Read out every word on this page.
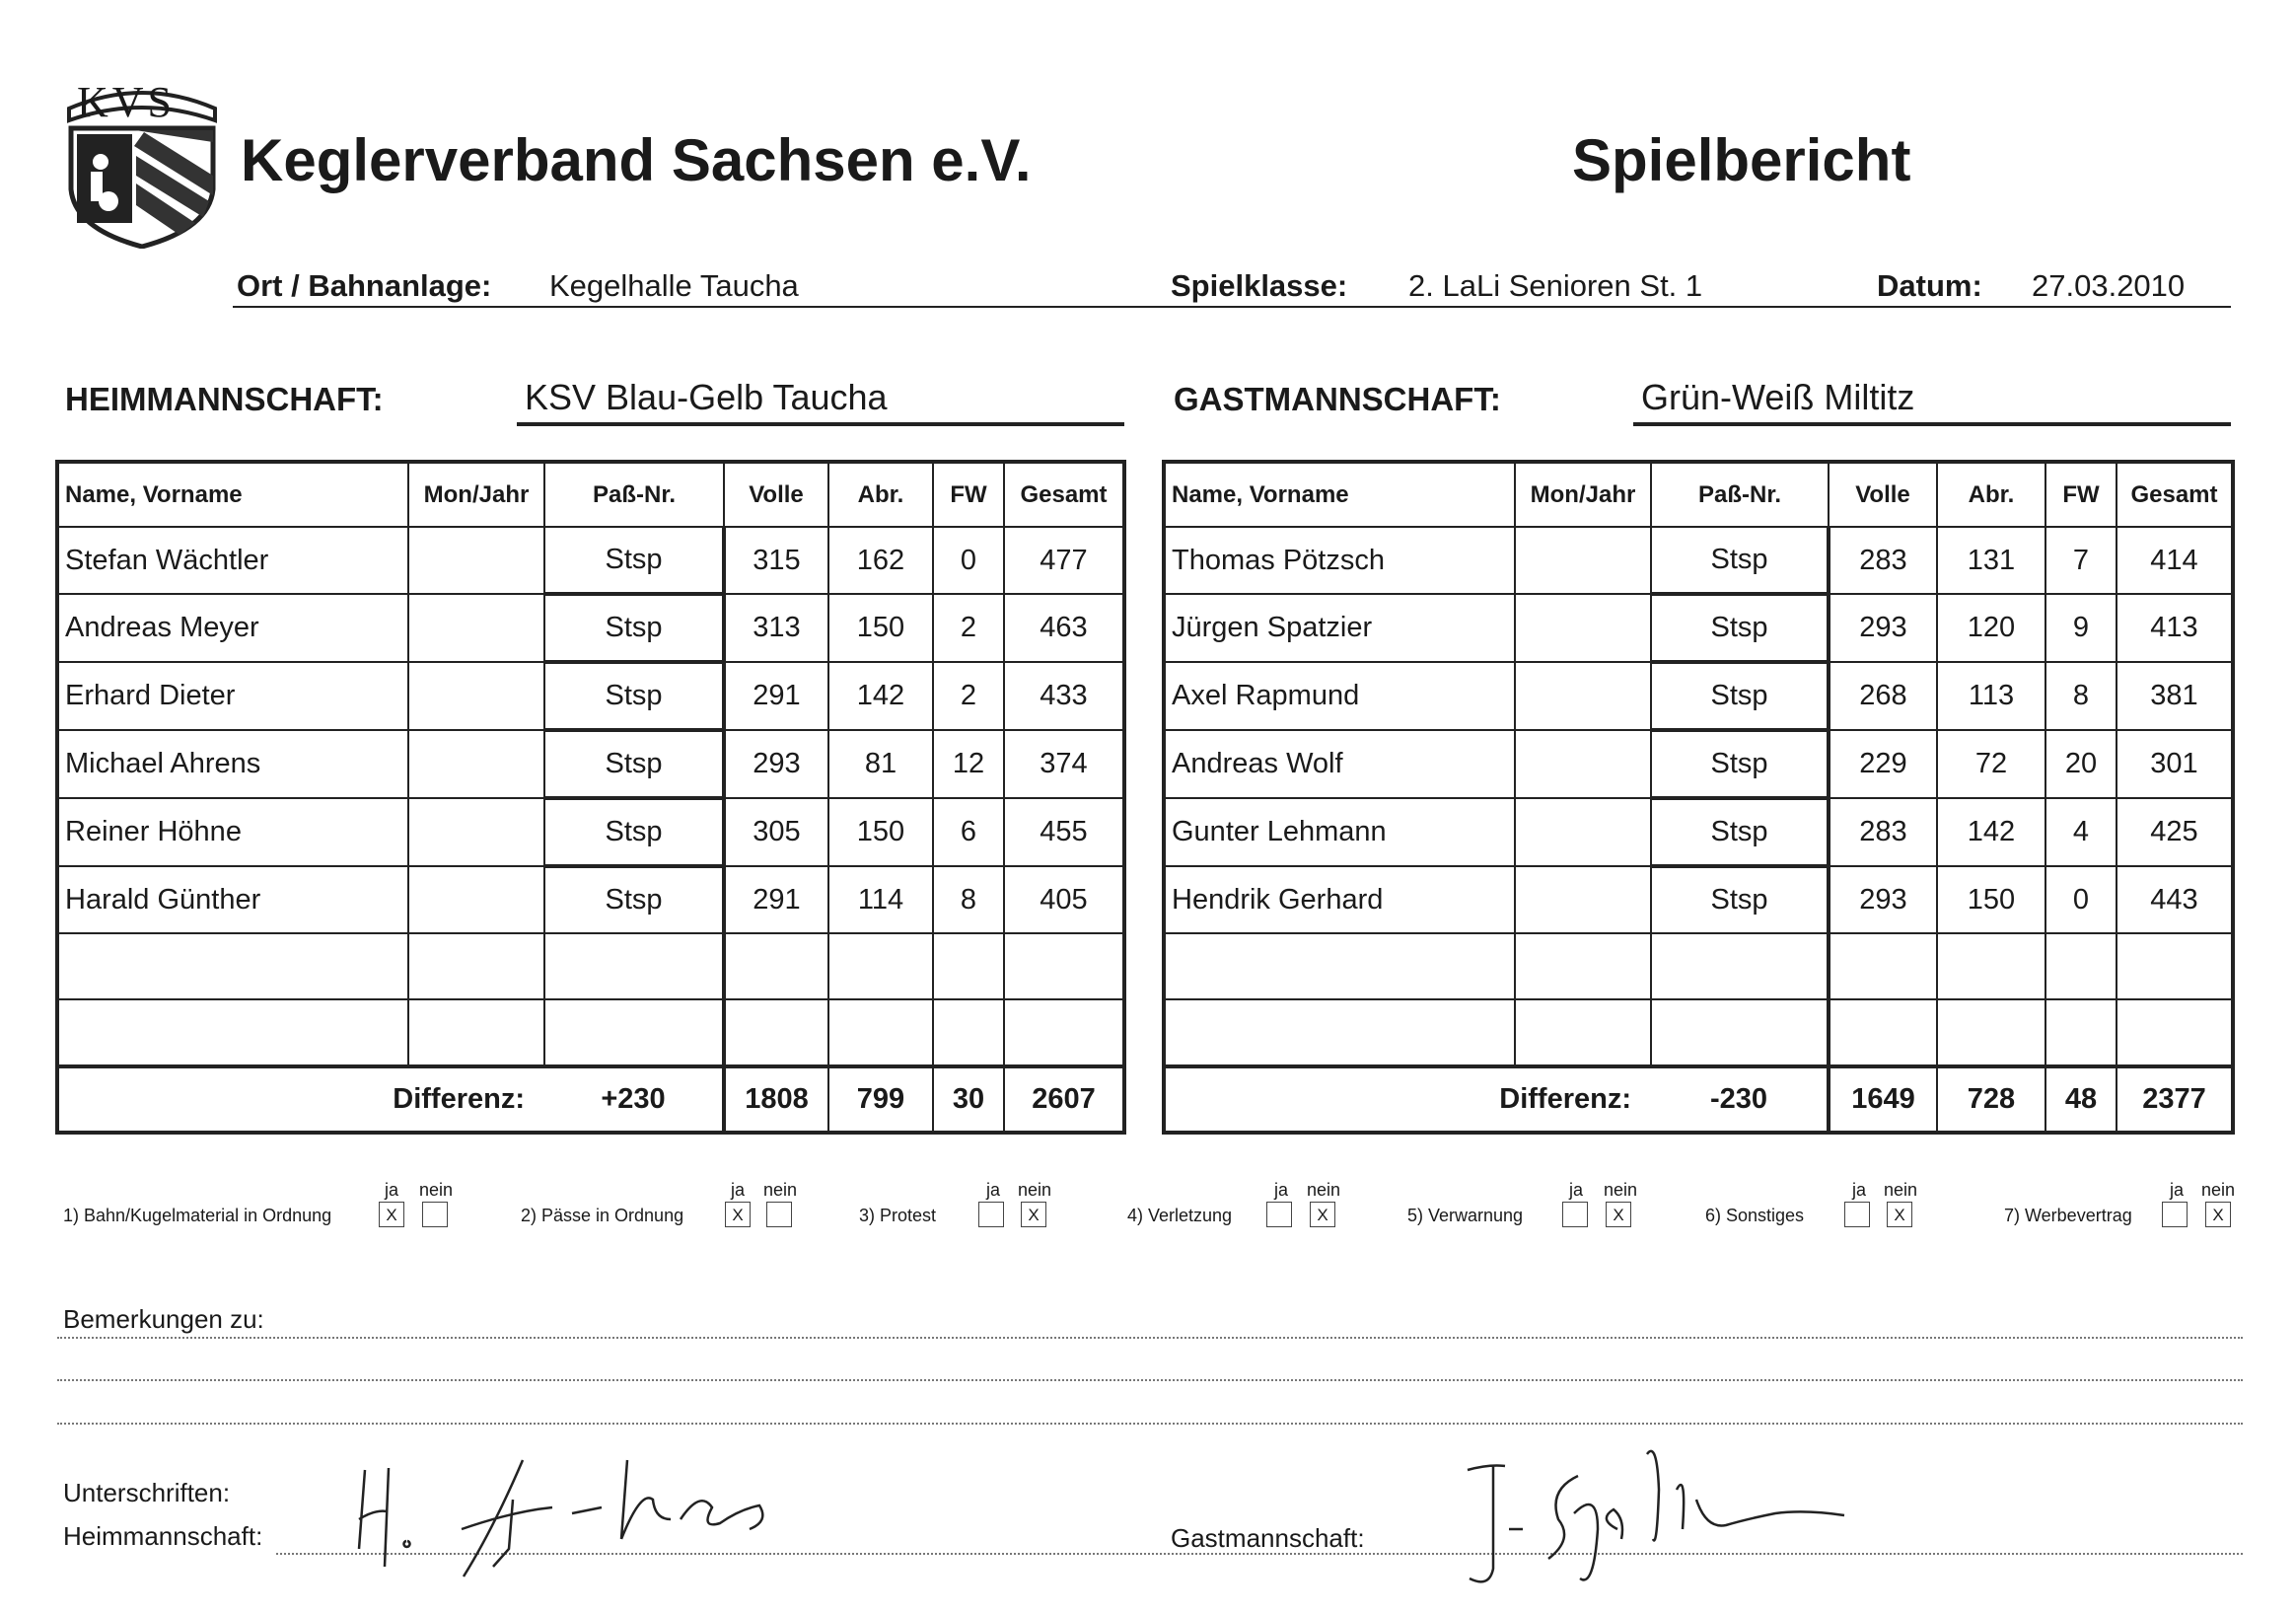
KVS
Keglerverband Sachsen e.V.	Spielbericht
Ort / Bahnanlage: Kegelhalle Taucha	Spielklasse: 2. LaLi Senioren St. 1	Datum: 27.03.2010
HEIMMANNSCHAFT:	KSV Blau-Gelb Taucha	GASTMANNSCHAFT:	Grün-Weiß Miltitz
Name, Vorname	Mon/Jahr	Paß-Nr.	Volle	Abr.	FW	Gesamt
Stefan Wächtler		Stsp	315	162	0	477
Andreas Meyer		Stsp	313	150	2	463
Erhard Dieter		Stsp	291	142	2	433
Michael Ahrens		Stsp	293	81	12	374
Reiner Höhne		Stsp	305	150	6	455
Harald Günther		Stsp	291	114	8	405

Differenz:		+230	1808	799	30	2607
Name, Vorname	Mon/Jahr	Paß-Nr.	Volle	Abr.	FW	Gesamt
Thomas Pötzsch		Stsp	283	131	7	414
Jürgen Spatzier		Stsp	293	120	9	413
Axel Rapmund		Stsp	268	113	8	381
Andreas Wolf		Stsp	229	72	20	301
Gunter Lehmann		Stsp	283	142	4	425
Hendrik Gerhard		Stsp	293	150	0	443

Differenz:		-230	1649	728	48	2377
1) Bahn/Kugelmaterial in Ordnung
ja nein
X	2) Pässe in Ordnung
ja nein
X	3) Protest
ja nein
X	4) Verletzung
ja nein
X	5) Verwarnung
ja nein
X	6) Sonstiges
ja nein
X	7) Werbevertrag
ja nein
X
Bemerkungen zu:
Unterschriften:
Heimmannschaft:	Gastmannschaft:
